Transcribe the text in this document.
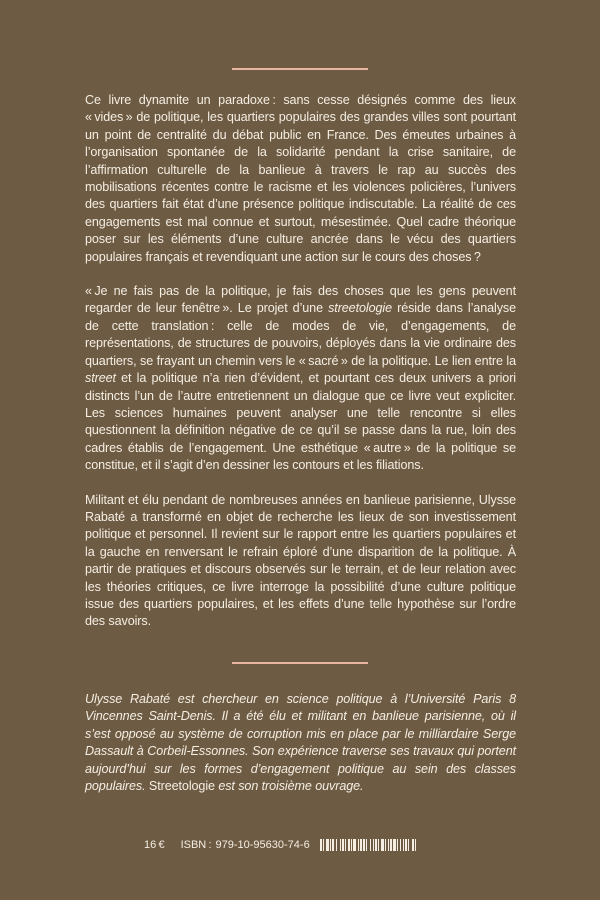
Ce livre dynamite un paradoxe : sans cesse désignés comme des lieux « vides » de politique, les quartiers populaires des grandes villes sont pourtant un point de centralité du débat public en France. Des émeutes urbaines à l’organisation spontanée de la solidarité pendant la crise sanitaire, de l’affirmation culturelle de la banlieue à travers le rap au succès des mobilisations récentes contre le racisme et les violences policières, l’univers des quartiers fait état d’une présence politique indiscutable. La réalité de ces engagements est mal connue et surtout, mésestimée. Quel cadre théorique poser sur les éléments d’une culture ancrée dans le vécu des quartiers populaires français et revendiquant une action sur le cours des choses ?

« Je ne fais pas de la politique, je fais des choses que les gens peuvent regarder de leur fenêtre ». Le projet d’une streetologie réside dans l’analyse de cette translation : celle de modes de vie, d’engagements, de représentations, de structures de pouvoirs, déployés dans la vie ordinaire des quartiers, se frayant un chemin vers le « sacré » de la politique. Le lien entre la street et la politique n’a rien d’évident, et pourtant ces deux univers a priori distincts l’un de l’autre entretiennent un dialogue que ce livre veut expliciter. Les sciences humaines peuvent analyser une telle rencontre si elles questionnent la définition négative de ce qu’il se passe dans la rue, loin des cadres établis de l’engagement. Une esthétique « autre » de la politique se constitue, et il s’agit d’en dessiner les contours et les filiations.

Militant et élu pendant de nombreuses années en banlieue parisienne, Ulysse Rabaté a transformé en objet de recherche les lieux de son investissement politique et personnel. Il revient sur le rapport entre les quartiers populaires et la gauche en renversant le refrain éploré d’une disparition de la politique. À partir de pratiques et discours observés sur le terrain, et de leur relation avec les théories critiques, ce livre interroge la possibilité d’une culture politique issue des quartiers populaires, et les effets d’une telle hypothèse sur l’ordre des savoirs.

Ulysse Rabaté est chercheur en science politique à l’Université Paris 8 Vincennes Saint-Denis. Il a été élu et militant en banlieue parisienne, où il s’est opposé au système de corruption mis en place par le milliardaire Serge Dassault à Corbeil-Essonnes. Son expérience traverse ses travaux qui portent aujourd’hui sur les formes d’engagement politique au sein des classes populaires. Streetologie est son troisième ouvrage.
16 € ISBN : 979-10-95630-74-6
